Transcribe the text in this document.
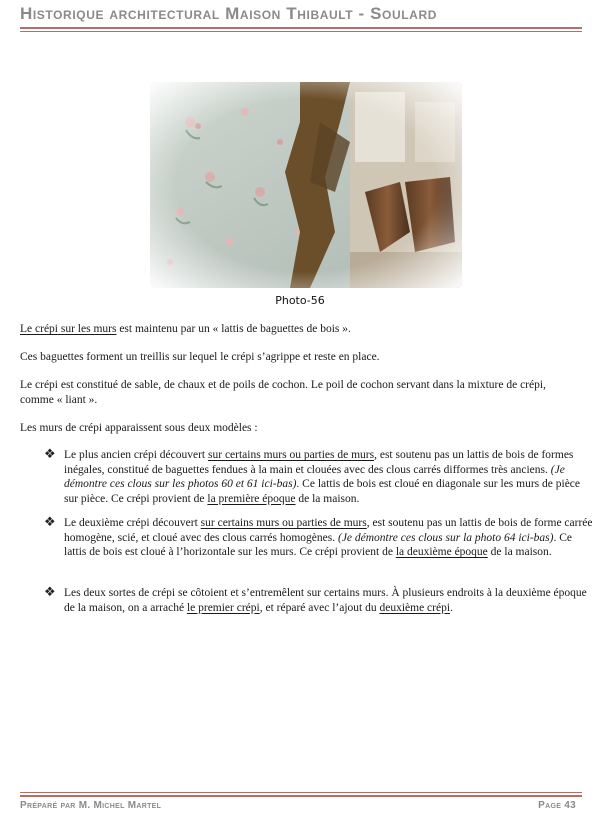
Historique architectural Maison Thibault - Soulard
Photo-56

Le crépi sur les murs est maintenu par un « lattis de baguettes de bois ».

Ces baguettes forment un treillis sur lequel le crépi s’agrippe et reste en place.

Le crépi est constitué de sable, de chaux et de poils de cochon. Le poil de cochon servant dans la mixture de crépi, comme « liant ».

Les murs de crépi apparaissent sous deux modèles :

❖ Le plus ancien crépi découvert sur certains murs ou parties de murs, est soutenu pas un lattis de bois de formes inégales, constitué de baguettes fendues à la main et clouées avec des clous carrés difformes très anciens. (Je démontre ces clous sur les photos 60 et 61 ici-bas). Ce lattis de bois est cloué en diagonale sur les murs de pièce sur pièce. Ce crépi provient de la première époque de la maison.

❖ Le deuxième crépi découvert sur certains murs ou parties de murs, est soutenu pas un lattis de bois de forme carrée homogène, scié, et cloué avec des clous carrés homogènes. (Je démontre ces clous sur la photo 64 ici-bas). Ce lattis de bois est cloué à l’horizontale sur les murs. Ce crépi provient de la deuxième époque de la maison.

❖ Les deux sortes de crépi se côtoient et s’entremêlent sur certains murs. À plusieurs endroits à la deuxième époque de la maison, on a arraché le premier crépi, et réparé avec l’ajout du deuxième crépi.

Préparé par M. Michel Martel	Page 43
